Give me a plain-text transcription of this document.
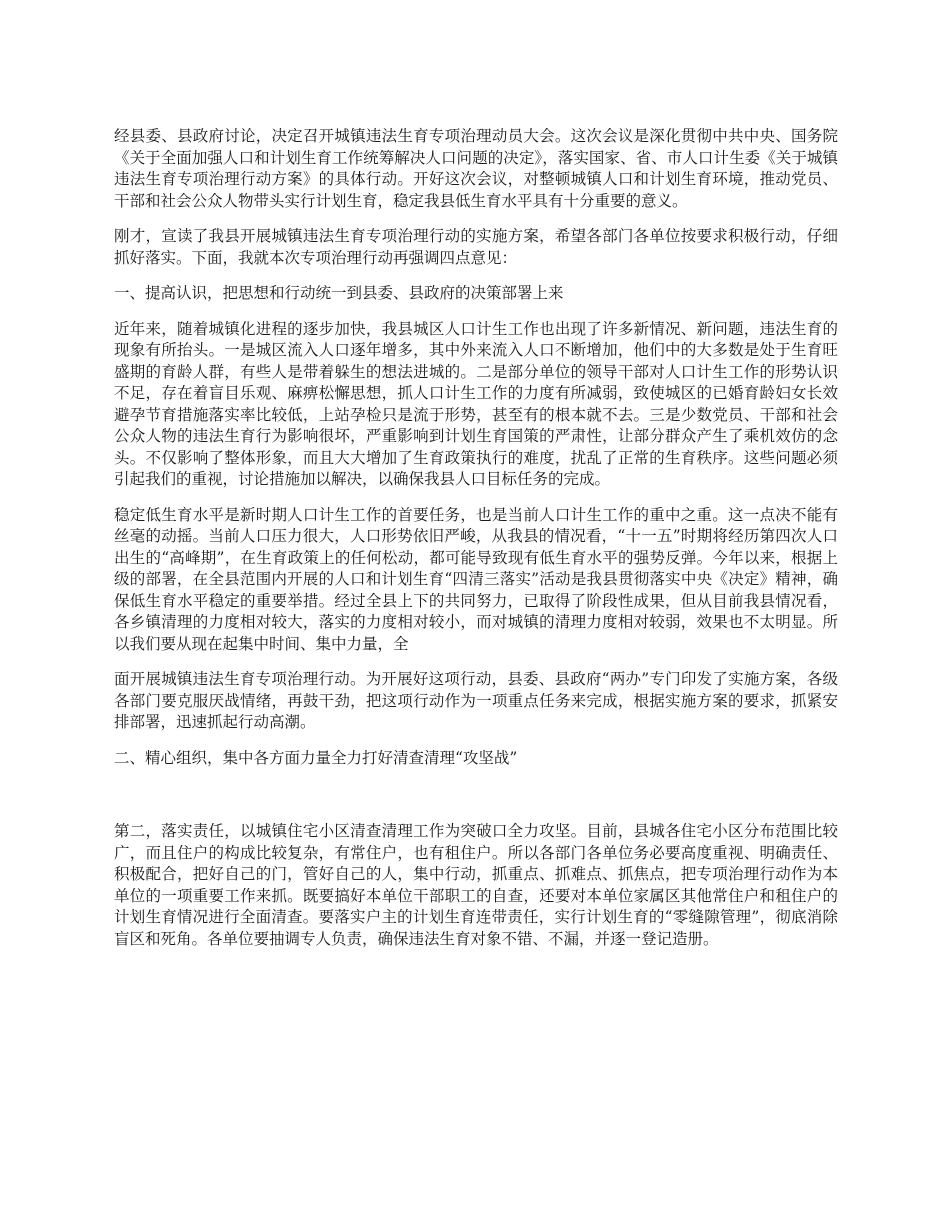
经县委、县政府讨论，决定召开城镇违法生育专项治理动员大会。这次会议是深化贯彻中共中央、国务院《关于全面加强人口和计划生育工作统筹解决人口问题的决定》，落实国家、省、市人口计生委《关于城镇违法生育专项治理行动方案》的具体行动。开好这次会议，对整顿城镇人口和计划生育环境，推动党员、干部和社会公众人物带头实行计划生育，稳定我县低生育水平具有十分重要的意义。

刚才，宣读了我县开展城镇违法生育专项治理行动的实施方案，希望各部门各单位按要求积极行动，仔细抓好落实。下面，我就本次专项治理行动再强调四点意见：

一、提高认识，把思想和行动统一到县委、县政府的决策部署上来

近年来，随着城镇化进程的逐步加快，我县城区人口计生工作也出现了许多新情况、新问题，违法生育的现象有所抬头。一是城区流入人口逐年增多，其中外来流入人口不断增加，他们中的大多数是处于生育旺盛期的育龄人群，有些人是带着躲生的想法进城的。二是部分单位的领导干部对人口计生工作的形势认识不足，存在着盲目乐观、麻痹松懈思想，抓人口计生工作的力度有所减弱，致使城区的已婚育龄妇女长效避孕节育措施落实率比较低，上站孕检只是流于形势，甚至有的根本就不去。三是少数党员、干部和社会公众人物的违法生育行为影响很坏，严重影响到计划生育国策的严肃性，让部分群众产生了乘机效仿的念头。不仅影响了整体形象，而且大大增加了生育政策执行的难度，扰乱了正常的生育秩序。这些问题必须引起我们的重视，讨论措施加以解决，以确保我县人口目标任务的完成。

稳定低生育水平是新时期人口计生工作的首要任务，也是当前人口计生工作的重中之重。这一点决不能有丝毫的动摇。当前人口压力很大，人口形势依旧严峻，从我县的情况看，“十一五”时期将经历第四次人口出生的“高峰期”，在生育政策上的任何松动，都可能导致现有低生育水平的强势反弹。今年以来，根据上级的部署，在全县范围内开展的人口和计划生育“四清三落实”活动是我县贯彻落实中央《决定》精神，确保低生育水平稳定的重要举措。经过全县上下的共同努力，已取得了阶段性成果，但从目前我县情况看，各乡镇清理的力度相对较大，落实的力度相对较小，而对城镇的清理力度相对较弱，效果也不太明显。所以我们要从现在起集中时间、集中力量，全

面开展城镇违法生育专项治理行动。为开展好这项行动，县委、县政府“两办”专门印发了实施方案，各级各部门要克服厌战情绪，再鼓干劲，把这项行动作为一项重点任务来完成，根据实施方案的要求，抓紧安排部署，迅速抓起行动高潮。

二、精心组织，集中各方面力量全力打好清查清理“攻坚战”

第二，落实责任，以城镇住宅小区清查清理工作为突破口全力攻坚。目前，县城各住宅小区分布范围比较广，而且住户的构成比较复杂，有常住户，也有租住户。所以各部门各单位务必要高度重视、明确责任、积极配合，把好自己的门，管好自己的人，集中行动，抓重点、抓难点、抓焦点，把专项治理行动作为本单位的一项重要工作来抓。既要搞好本单位干部职工的自查，还要对本单位家属区其他常住户和租住户的计划生育情况进行全面清查。要落实户主的计划生育连带责任，实行计划生育的“零缝隙管理”，彻底消除盲区和死角。各单位要抽调专人负责，确保违法生育对象不错、不漏，并逐一登记造册。
